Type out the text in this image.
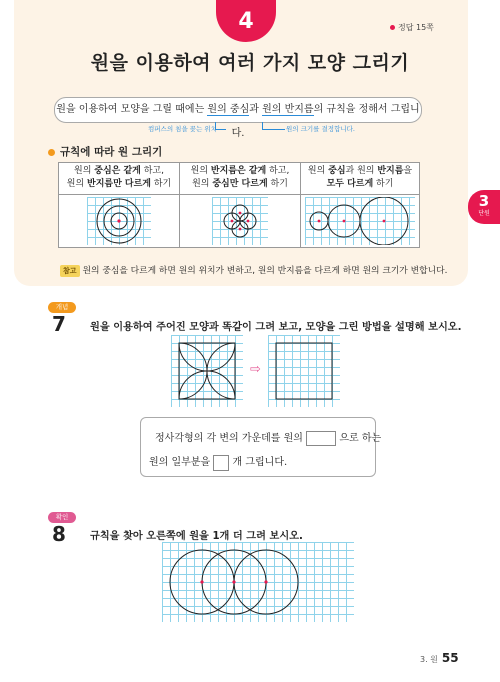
4	정답 15쪽
원을 이용하여 여러 가지 모양 그리기
원을 이용하여 모양을 그릴 때에는 원의 중심과 원의 반지름의 규칙을 정해서 그립니다.
컴퍼스의 침을 꽂는 위치	원의 크기를 결정합니다.
규칙에 따라 원 그리기
원의 중심은 같게 하고,
원의 반지름만 다르게 하기
원의 반지름은 같게 하고,
원의 중심만 다르게 하기
원의 중심과 원의 반지름을
모두 다르게 하기
참고 원의 중심을 다르게 하면 원의 위치가 변하고, 원의 반지름을 다르게 하면 원의 크기가 변합니다.
3
단원
개념
7 원을 이용하여 주어진 모양과 똑같이 그려 보고, 모양을 그린 방법을 설명해 보시오.
⇨
정사각형의 각 변의 가운데를 원의	으로 하는
원의 일부분을 개 그립니다.
확인
8 규칙을 찾아 오른쪽에 원을 1개 더 그려 보시오.
3. 원 55
